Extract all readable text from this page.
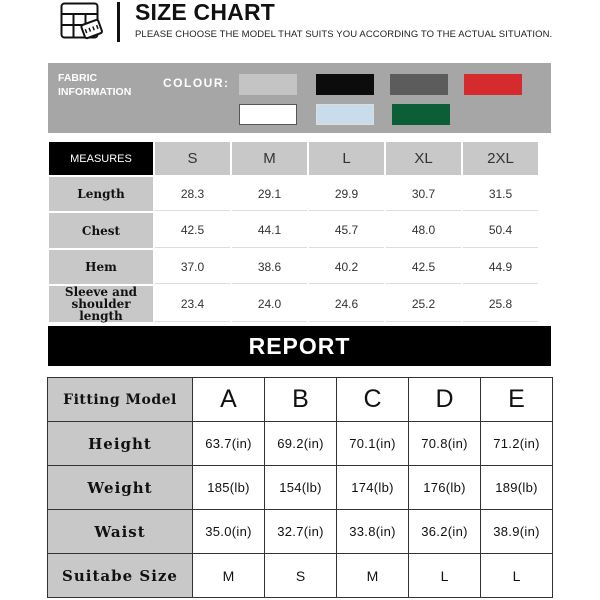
SIZE CHART
PLEASE CHOOSE THE MODEL THAT SUITS YOU ACCORDING TO THE ACTUAL SITUATION.
FABRIC INFORMATION
COLOUR:
MEASURES	S	M	L	XL	2XL
Length	28.3	29.1	29.9	30.7	31.5
Chest	42.5	44.1	45.7	48.0	50.4
Hem	37.0	38.6	40.2	42.5	44.9
Sleeve and shoulder length	23.4	24.0	24.6	25.2	25.8
REPORT
Fitting Model	A	B	C	D	E
Height	63.7(in)	69.2(in)	70.1(in)	70.8(in)	71.2(in)
Weight	185(lb)	154(lb)	174(lb)	176(lb)	189(lb)
Waist	35.0(in)	32.7(in)	33.8(in)	36.2(in)	38.9(in)
Suitabe Size	M	S	M	L	L
